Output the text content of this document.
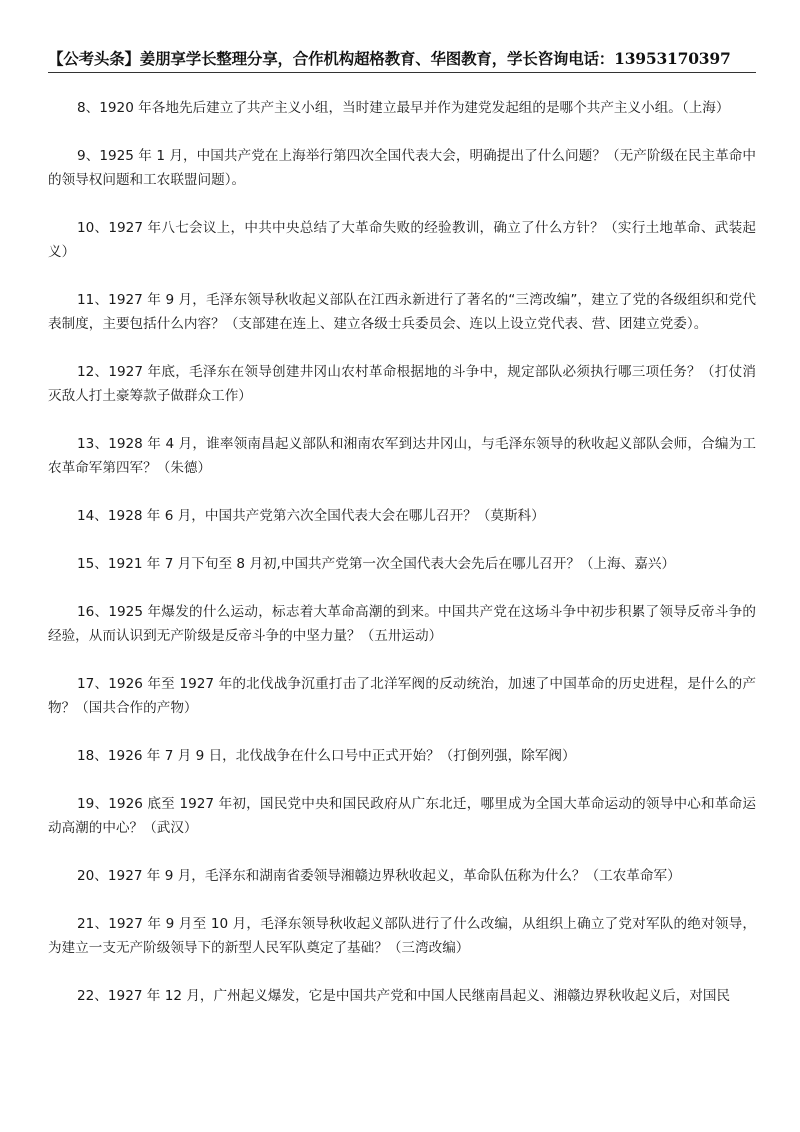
【公考头条】姜朋享学长整理分享，合作机构超格教育、华图教育，学长咨询电话：13953170397

8、1920 年各地先后建立了共产主义小组，当时建立最早并作为建党发起组的是哪个共产主义小组。（上海）

9、1925 年 1 月，中国共产党在上海举行第四次全国代表大会，明确提出了什么问题？（无产阶级在民主革命中的领导权问题和工农联盟问题）。

10、1927 年八七会议上，中共中央总结了大革命失败的经验教训，确立了什么方针？（实行土地革命、武装起义）

11、1927 年 9 月，毛泽东领导秋收起义部队在江西永新进行了著名的“三湾改编”，建立了党的各级组织和党代表制度，主要包括什么内容？（支部建在连上、建立各级士兵委员会、连以上设立党代表、营、团建立党委）。

12、1927 年底，毛泽东在领导创建井冈山农村革命根据地的斗争中，规定部队必须执行哪三项任务？（打仗消灭敌人打土豪筹款子做群众工作）

13、1928 年 4 月，谁率领南昌起义部队和湘南农军到达井冈山，与毛泽东领导的秋收起义部队会师，合编为工农革命军第四军？（朱德）

14、1928 年 6 月，中国共产党第六次全国代表大会在哪儿召开？（莫斯科）

15、1921 年 7 月下旬至 8 月初,中国共产党第一次全国代表大会先后在哪儿召开？（上海、嘉兴）

16、1925 年爆发的什么运动，标志着大革命高潮的到来。中国共产党在这场斗争中初步积累了领导反帝斗争的经验，从而认识到无产阶级是反帝斗争的中坚力量？（五卅运动）

17、1926 年至 1927 年的北伐战争沉重打击了北洋军阀的反动统治，加速了中国革命的历史进程，是什么的产物？（国共合作的产物）

18、1926 年 7 月 9 日，北伐战争在什么口号中正式开始？（打倒列强，除军阀）

19、1926 底至 1927 年初，国民党中央和国民政府从广东北迁，哪里成为全国大革命运动的领导中心和革命运动高潮的中心？（武汉）

20、1927 年 9 月，毛泽东和湖南省委领导湘赣边界秋收起义，革命队伍称为什么？（工农革命军）

21、1927 年 9 月至 10 月，毛泽东领导秋收起义部队进行了什么改编，从组织上确立了党对军队的绝对领导，为建立一支无产阶级领导下的新型人民军队奠定了基础？（三湾改编）

22、1927 年 12 月，广州起义爆发，它是中国共产党和中国人民继南昌起义、湘赣边界秋收起义后，对国民
